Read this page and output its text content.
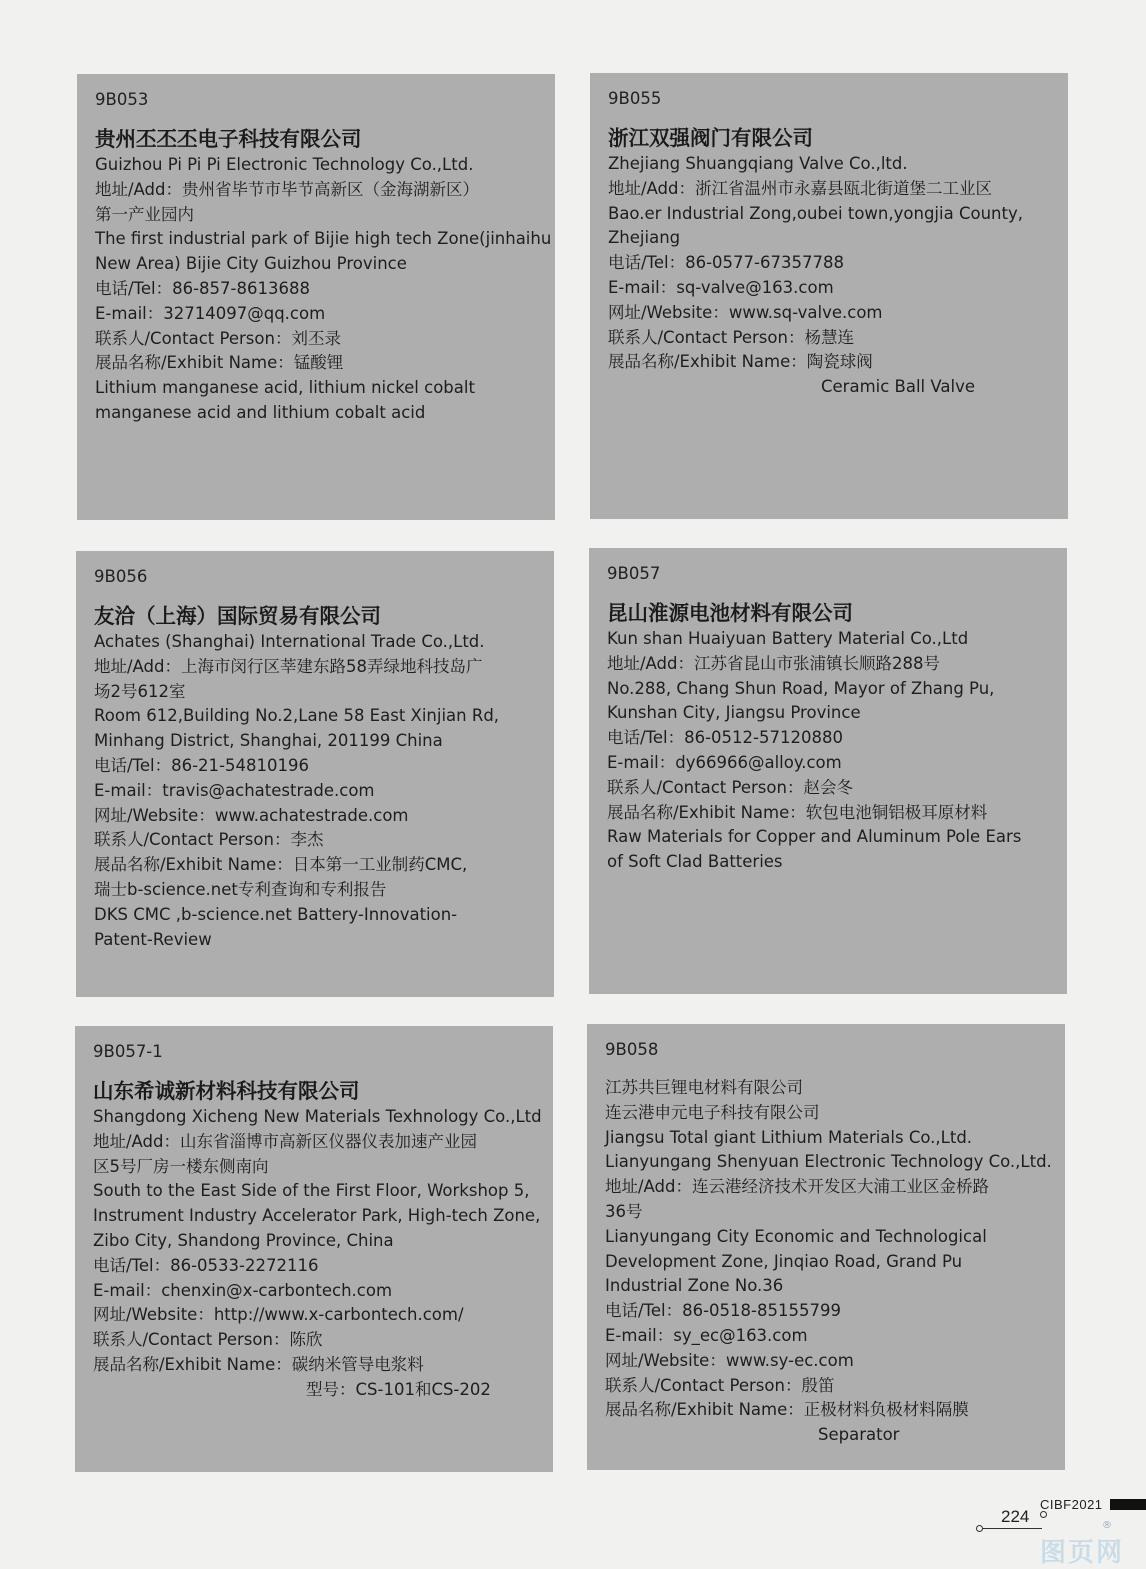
9B053
贵州丕丕丕电子科技有限公司
Guizhou Pi Pi Pi Electronic Technology Co.,Ltd.
地址/Add：贵州省毕节市毕节高新区（金海湖新区）
第一产业园内
The first industrial park of Bijie high tech Zone(jinhaihu
New Area) Bijie City Guizhou Province
电话/Tel：86-857-8613688
E-mail：32714097@qq.com
联系人/Contact Person：刘丕录
展品名称/Exhibit Name：锰酸锂
Lithium manganese acid, lithium nickel cobalt
manganese acid and lithium cobalt acid
9B055
浙江双强阀门有限公司
Zhejiang Shuangqiang Valve Co.,ltd.
地址/Add：浙江省温州市永嘉县瓯北街道堡二工业区
Bao.er Industrial Zong,oubei town,yongjia County,
Zhejiang
电话/Tel：86-0577-67357788
E-mail：sq-valve@163.com
网址/Website：www.sq-valve.com
联系人/Contact Person：杨慧连
展品名称/Exhibit Name：陶瓷球阀
Ceramic Ball Valve
9B056
友洽（上海）国际贸易有限公司
Achates (Shanghai) International Trade Co.,Ltd.
地址/Add：上海市闵行区莘建东路58弄绿地科技岛广
场2号612室
Room 612,Building No.2,Lane 58 East Xinjian Rd,
Minhang District, Shanghai, 201199 China
电话/Tel：86-21-54810196
E-mail：travis@achatestrade.com
网址/Website：www.achatestrade.com
联系人/Contact Person：李杰
展品名称/Exhibit Name：日本第一工业制药CMC,
瑞士b-science.net专利查询和专利报告
DKS CMC ,b-science.net Battery-Innovation-
Patent-Review
9B057
昆山淮源电池材料有限公司
Kun shan Huaiyuan Battery Material Co.,Ltd
地址/Add：江苏省昆山市张浦镇长顺路288号
No.288, Chang Shun Road, Mayor of Zhang Pu,
Kunshan City, Jiangsu Province
电话/Tel：86-0512-57120880
E-mail：dy66966@alloy.com
联系人/Contact Person：赵会冬
展品名称/Exhibit Name：软包电池铜铝极耳原材料
Raw Materials for Copper and Aluminum Pole Ears
of Soft Clad Batteries
9B057-1
山东希诚新材料科技有限公司
Shangdong Xicheng New Materials Texhnology Co.,Ltd
地址/Add：山东省淄博市高新区仪器仪表加速产业园
区5号厂房一楼东侧南向
South to the East Side of the First Floor, Workshop 5,
Instrument Industry Accelerator Park, High-tech Zone,
Zibo City, Shandong Province, China
电话/Tel：86-0533-2272116
E-mail：chenxin@x-carbontech.com
网址/Website：http://www.x-carbontech.com/
联系人/Contact Person：陈欣
展品名称/Exhibit Name：碳纳米管导电浆料
型号：CS-101和CS-202
9B058
江苏共巨锂电材料有限公司
连云港申元电子科技有限公司
Jiangsu Total giant Lithium Materials Co.,Ltd.
Lianyungang Shenyuan Electronic Technology Co.,Ltd.
地址/Add：连云港经济技术开发区大浦工业区金桥路
36号
Lianyungang City Economic and Technological
Development Zone, Jinqiao Road, Grand Pu
Industrial Zone No.36
电话/Tel：86-0518-85155799
E-mail：sy_ec@163.com
网址/Website：www.sy-ec.com
联系人/Contact Person：殷笛
展品名称/Exhibit Name：正极材料负极材料隔膜
Separator
224
CIBF2021
图页网
®
